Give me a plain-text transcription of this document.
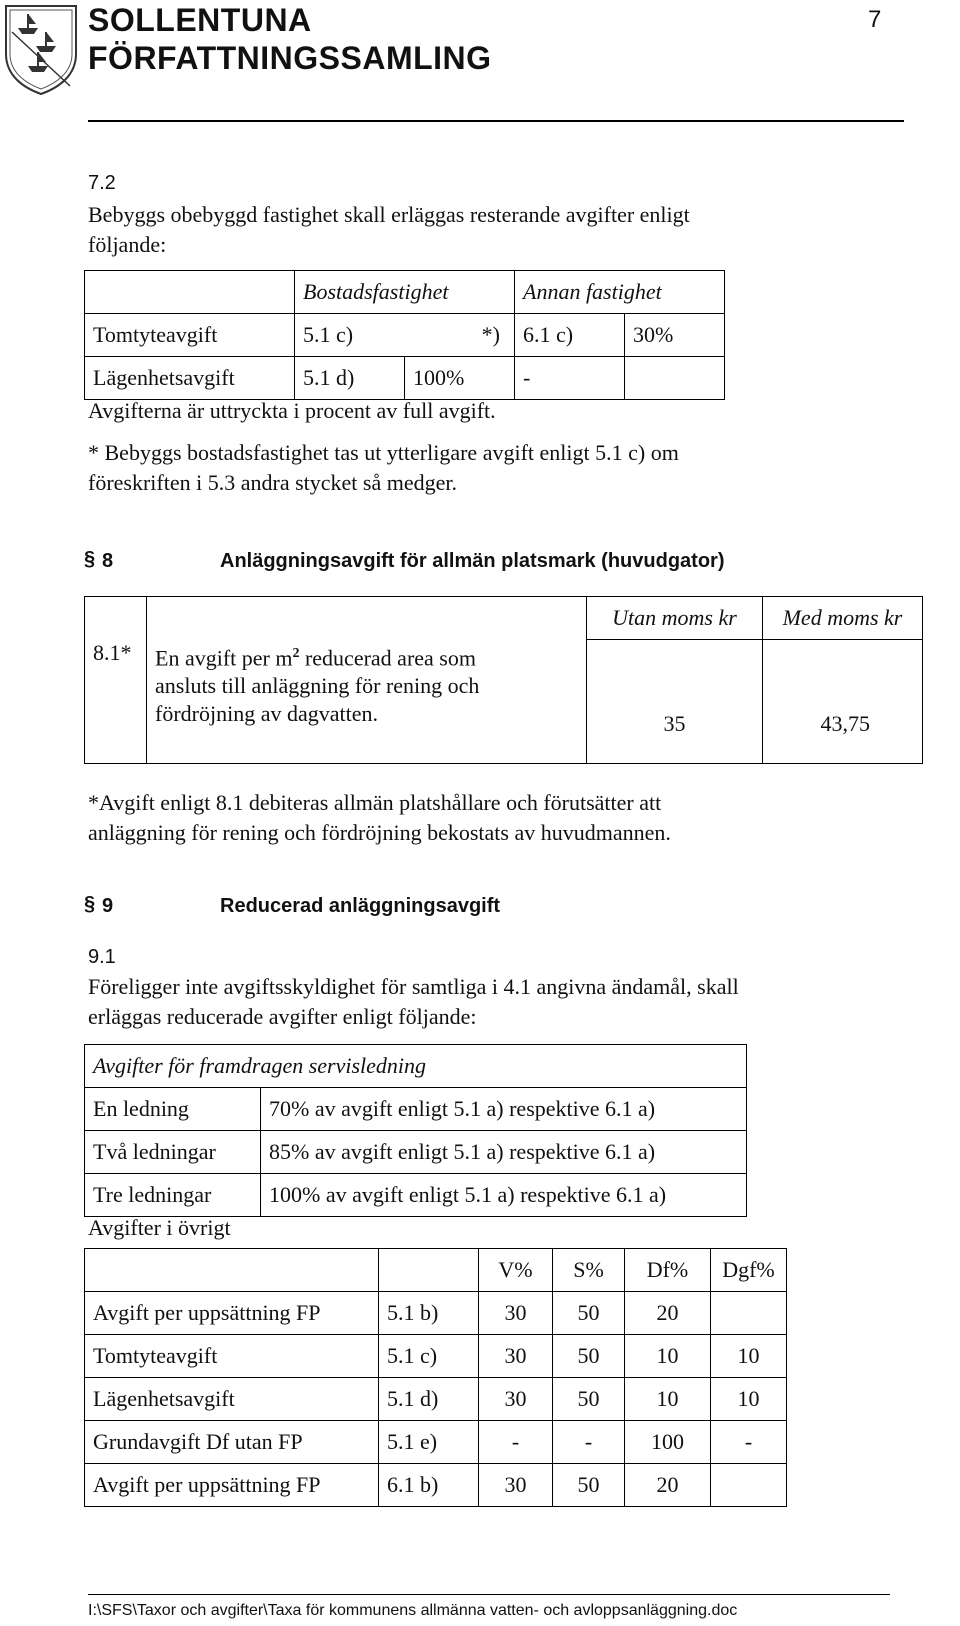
SOLLENTUNA
FÖRFATTNINGSSAMLING
7
7.2
Bebyggs obebyggd fastighet skall erläggas resterande avgifter enligt
följande:
	Bostadsfastighet		Annan fastighet	
Tomtyteavgift	5.1 c)	*)	6.1 c)	30%
Lägenhetsavgift	5.1 d)	100%	-	
Avgifterna är uttryckta i procent av full avgift.
* Bebyggs bostadsfastighet tas ut ytterligare avgift enligt 5.1 c) om
föreskriften i 5.3 andra stycket så medger.
§ 8	Anläggningsavgift för allmän platsmark (huvudgator)
		Utan moms kr	Med moms kr
8.1*	En avgift per $m^2$ reducerad area som
ansluts till anläggning för rening och
fördröjning av dagvatten.	35	43,75
*Avgift enligt 8.1 debiteras allmän platshållare och förutsätter att
anläggning för rening och fördröjning bekostats av huvudmannen.
§ 9	Reducerad anläggningsavgift
9.1
Föreligger inte avgiftsskyldighet för samtliga i 4.1 angivna ändamål, skall
erläggas reducerade avgifter enligt följande:
Avgifter för framdragen servisledning	
En ledning	70% av avgift enligt 5.1 a) respektive 6.1 a)
Två ledningar	85% av avgift enligt 5.1 a) respektive 6.1 a)
Tre ledningar	100% av avgift enligt 5.1 a) respektive 6.1 a)
Avgifter i övrigt
		V%	S%	Df%	Dgf%
Avgift per uppsättning FP	5.1 b)	30	50	20	
Tomtyteavgift	5.1 c)	30	50	10	10
Lägenhetsavgift	5.1 d)	30	50	10	10
Grundavgift Df utan FP	5.1 e)	-	-	100	-
Avgift per uppsättning FP	6.1 b)	30	50	20	
I:\SFS\Taxor och avgifter\Taxa för kommunens allmänna vatten- och avloppsanläggning.doc
